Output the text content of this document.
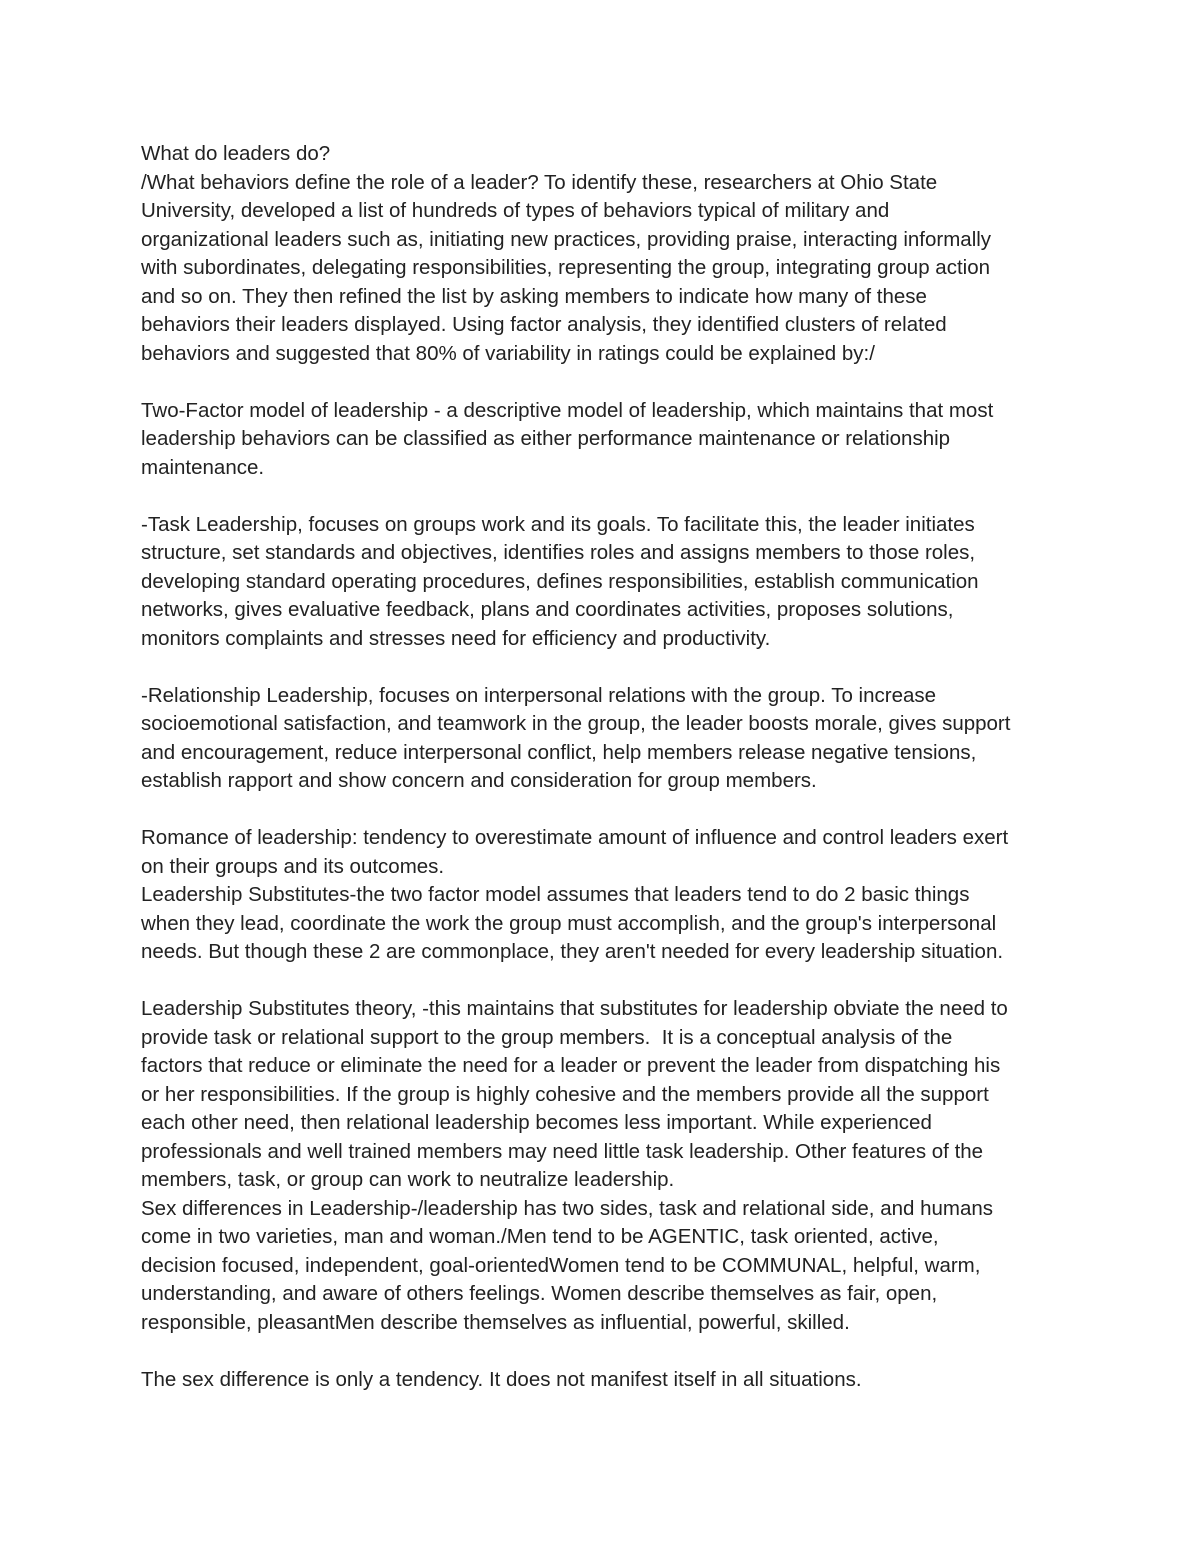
What do leaders do?
/What behaviors define the role of a leader? To identify these, researchers at Ohio State
University, developed a list of hundreds of types of behaviors typical of military and
organizational leaders such as, initiating new practices, providing praise, interacting informally
with subordinates, delegating responsibilities, representing the group, integrating group action
and so on. They then refined the list by asking members to indicate how many of these
behaviors their leaders displayed. Using factor analysis, they identified clusters of related
behaviors and suggested that 80% of variability in ratings could be explained by:/
Two-Factor model of leadership - a descriptive model of leadership, which maintains that most
leadership behaviors can be classified as either performance maintenance or relationship
maintenance.
-Task Leadership, focuses on groups work and its goals. To facilitate this, the leader initiates
structure, set standards and objectives, identifies roles and assigns members to those roles,
developing standard operating procedures, defines responsibilities, establish communication
networks, gives evaluative feedback, plans and coordinates activities, proposes solutions,
monitors complaints and stresses need for efficiency and productivity.
-Relationship Leadership, focuses on interpersonal relations with the group. To increase
socioemotional satisfaction, and teamwork in the group, the leader boosts morale, gives support
and encouragement, reduce interpersonal conflict, help members release negative tensions,
establish rapport and show concern and consideration for group members.
Romance of leadership: tendency to overestimate amount of influence and control leaders exert
on their groups and its outcomes.
Leadership Substitutes-the two factor model assumes that leaders tend to do 2 basic things
when they lead, coordinate the work the group must accomplish, and the group's interpersonal
needs. But though these 2 are commonplace, they aren't needed for every leadership situation.
Leadership Substitutes theory, -this maintains that substitutes for leadership obviate the need to
provide task or relational support to the group members.  It is a conceptual analysis of the
factors that reduce or eliminate the need for a leader or prevent the leader from dispatching his
or her responsibilities. If the group is highly cohesive and the members provide all the support
each other need, then relational leadership becomes less important. While experienced
professionals and well trained members may need little task leadership. Other features of the
members, task, or group can work to neutralize leadership.
Sex differences in Leadership-/leadership has two sides, task and relational side, and humans
come in two varieties, man and woman./Men tend to be AGENTIC, task oriented, active,
decision focused, independent, goal-orientedWomen tend to be COMMUNAL, helpful, warm,
understanding, and aware of others feelings. Women describe themselves as fair, open,
responsible, pleasantMen describe themselves as influential, powerful, skilled.
The sex difference is only a tendency. It does not manifest itself in all situations.
